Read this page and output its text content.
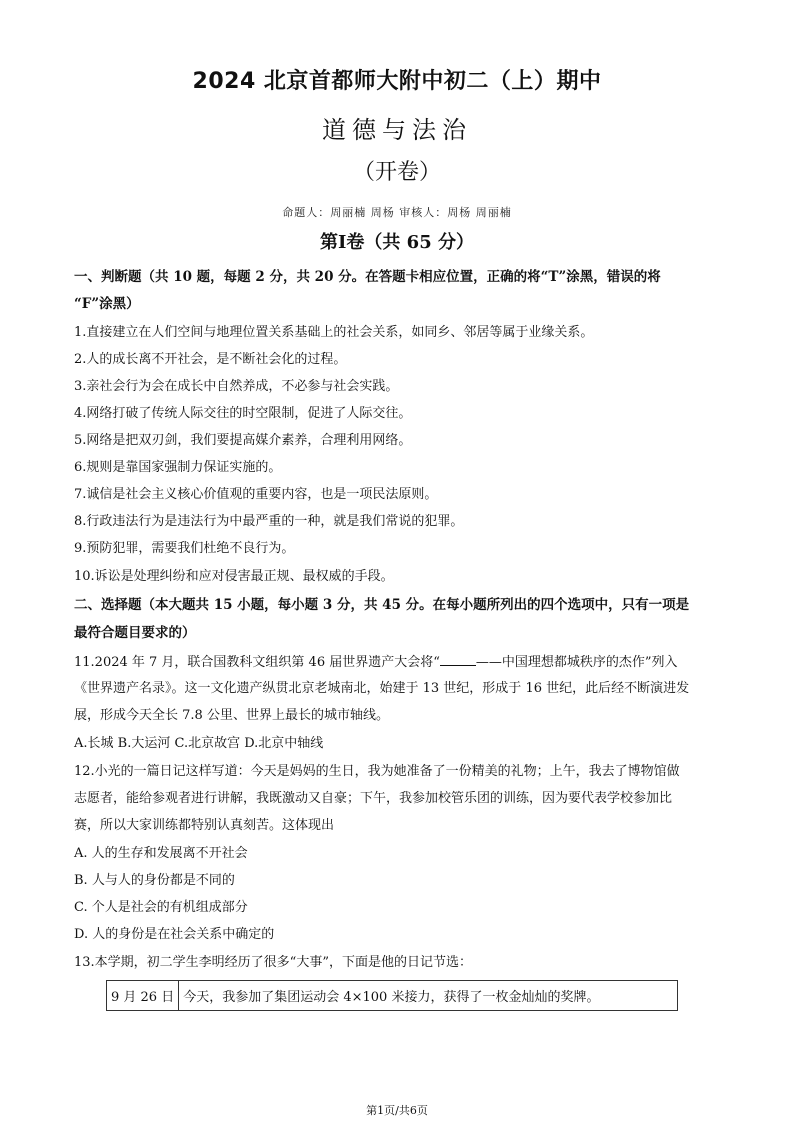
2024 北京首都师大附中初二（上）期中
道德与法治
（开卷）
命题人：周丽楠 周杨 审核人：周杨 周丽楠
第Ⅰ卷（共 65 分）
一、判断题（共 10 题，每题 2 分，共 20 分。在答题卡相应位置，正确的将“T”涂黑，错误的将
“F”涂黑）
1.直接建立在人们空间与地理位置关系基础上的社会关系，如同乡、邻居等属于业缘关系。
2.人的成长离不开社会，是不断社会化的过程。
3.亲社会行为会在成长中自然养成，不必参与社会实践。
4.网络打破了传统人际交往的时空限制，促进了人际交往。
5.网络是把双刃剑，我们要提高媒介素养，合理利用网络。
6.规则是靠国家强制力保证实施的。
7.诚信是社会主义核心价值观的重要内容，也是一项民法原则。
8.行政违法行为是违法行为中最严重的一种，就是我们常说的犯罪。
9.预防犯罪，需要我们杜绝不良行为。
10.诉讼是处理纠纷和应对侵害最正规、最权威的手段。
二、选择题（本大题共 15 小题，每小题 3 分，共 45 分。在每小题所列出的四个选项中，只有一项是
最符合题目要求的）
11.2024 年 7 月，联合国教科文组织第 46 届世界遗产大会将“	——中国理想都城秩序的杰作”列入
《世界遗产名录》。这一文化遗产纵贯北京老城南北，始建于 13 世纪，形成于 16 世纪，此后经不断演进发
展，形成今天全长 7.8 公里、世界上最长的城市轴线。
A.长城 B.大运河 C.北京故宫 D.北京中轴线
12.小光的一篇日记这样写道：今天是妈妈的生日，我为她准备了一份精美的礼物；上午，我去了博物馆做
志愿者，能给参观者进行讲解，我既激动又自豪；下午，我参加校管乐团的训练，因为要代表学校参加比
赛，所以大家训练都特别认真刻苦。这体现出
A. 人的生存和发展离不开社会
B. 人与人的身份都是不同的
C. 个人是社会的有机组成部分
D. 人的身份是在社会关系中确定的
13.本学期，初二学生李明经历了很多“大事”，下面是他的日记节选：
9 月 26 日	今天，我参加了集团运动会 4×100 米接力，获得了一枚金灿灿的奖牌。
第1页/共6页
